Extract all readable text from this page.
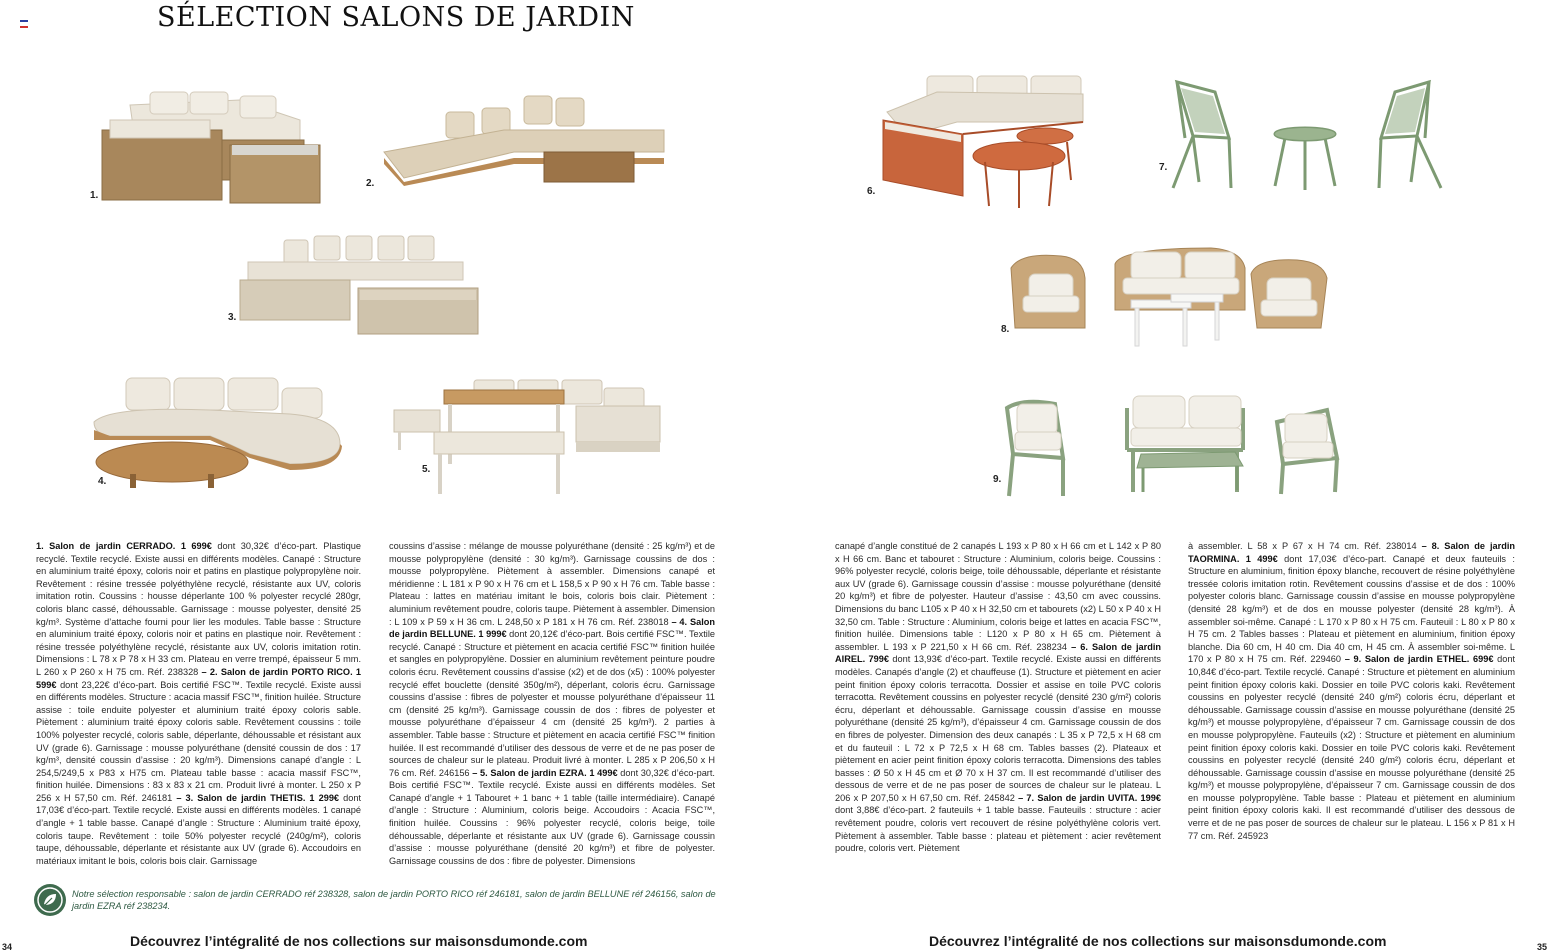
SÉLECTION SALONS DE JARDIN
1.
2.
3.
4.
5.

1. Salon de jardin CERRADO. 1 699€ dont 30,32€ d’éco-part. Plastique recyclé. Textile recyclé. Existe aussi en différents modèles. Canapé : Structure en aluminium traité époxy, coloris noir et patins en plastique polypropylène noir. Revêtement : résine tressée polyéthylène recyclé, résistante aux UV, coloris imitation rotin. Coussins : housse déperlante 100 % polyester recyclé 280gr, coloris blanc cassé, déhoussable. Garnissage : mousse polyester, densité 25 kg/m³. Système d’attache fourni pour lier les modules. Table basse : Structure en aluminium traité époxy, coloris noir et patins en plastique noir. Revêtement : résine tressée polyéthylène recyclé, résistante aux UV, coloris imitation rotin. Dimensions : L 78 x P 78 x H 33 cm. Plateau en verre trempé, épaisseur 5 mm. L 260 x P 260 x H 75 cm. Réf. 238328 – 2. Salon de jardin PORTO RICO. 1 599€ dont 23,22€ d’éco-part. Bois certifié FSC™. Textile recyclé. Existe aussi en différents modèles. Structure : acacia massif FSC™, finition huilée. Structure assise : toile enduite polyester et aluminium traité époxy coloris sable. Piètement : aluminium traité époxy coloris sable. Revêtement coussins : toile 100% polyester recyclé, coloris sable, déperlante, déhoussable et résistant aux UV (grade 6). Garnissage : mousse polyuréthane (densité coussin de dos : 17 kg/m³, densité coussin d’assise : 20 kg/m³). Dimensions canapé d’angle : L 254,5/249,5 x P83 x H75 cm. Plateau table basse : acacia massif FSC™, finition huilée. Dimensions : 83 x 83 x 21 cm. Produit livré à monter. L 250 x P 256 x H 57,50 cm. Réf. 246181 – 3. Salon de jardin THETIS. 1 299€ dont 17,03€ d’éco-part. Textile recyclé. Existe aussi en différents modèles. 1 canapé d’angle + 1 table basse. Canapé d’angle : Structure : Aluminium traité époxy, coloris taupe. Revêtement : toile 50% polyester recyclé (240g/m²), coloris taupe, déhoussable, déperlante et résistante aux UV (grade 6). Accoudoirs en matériaux imitant le bois, coloris bois clair. Garnissage

coussins d’assise : mélange de mousse polyuréthane (densité : 25 kg/m³) et de mousse polypropylène (densité : 30 kg/m³). Garnissage coussins de dos : mousse polypropylène. Piètement à assembler. Dimensions canapé et méridienne : L 181 x P 90 x H 76 cm et L 158,5 x P 90 x H 76 cm. Table basse : Plateau : lattes en matériau imitant le bois, coloris bois clair. Piètement : aluminium revêtement poudre, coloris taupe. Piètement à assembler. Dimension : L 109 x P 59 x H 36 cm. L 248,50 x P 181 x H 76 cm. Réf. 238018 – 4. Salon de jardin BELLUNE. 1 999€ dont 20,12€ d’éco-part. Bois certifié FSC™. Textile recyclé. Canapé : Structure et piètement en acacia certifié FSC™ finition huilée et sangles en polypropylène. Dossier en aluminium revêtement peinture poudre coloris écru. Revêtement coussins d’assise (x2) et de dos (x5) : 100% polyester recyclé effet bouclette (densité 350g/m²), déperlant, coloris écru. Garnissage coussins d’assise : fibres de polyester et mousse polyuréthane d’épaisseur 11 cm (densité 25 kg/m³). Garnissage coussin de dos : fibres de polyester et mousse polyuréthane d’épaisseur 4 cm (densité 25 kg/m³). 2 parties à assembler. Table basse : Structure et piètement en acacia certifié FSC™ finition huilée. Il est recommandé d’utiliser des dessous de verre et de ne pas poser de sources de chaleur sur le plateau. Produit livré à monter. L 285 x P 206,50 x H 76 cm. Réf. 246156 – 5. Salon de jardin EZRA. 1 499€ dont 30,32€ d’éco-part. Bois certifié FSC™. Textile recyclé. Existe aussi en différents modèles. Set Canapé d’angle + 1 Tabouret + 1 banc + 1 table (taille intermédiaire). Canapé d’angle : Structure : Aluminium, coloris beige. Accoudoirs : Acacia FSC™, finition huilée. Coussins : 96% polyester recyclé, coloris beige, toile déhoussable, déperlante et résistante aux UV (grade 6). Garnissage coussin d’assise : mousse polyuréthane (densité 20 kg/m³) et fibre de polyester. Garnissage coussins de dos : fibre de polyester. Dimensions

Notre sélection responsable : salon de jardin CERRADO réf 238328, salon de jardin PORTO RICO réf 246181, salon de jardin BELLUNE réf 246156, salon de jardin EZRA réf 238234.
34	Découvrez l’intégralité de nos collections sur maisonsdumonde.com
6.
7.
8.
9.

canapé d’angle constitué de 2 canapés L 193 x P 80 x H 66 cm et L 142 x P 80 x H 66 cm. Banc et tabouret : Structure : Aluminium, coloris beige. Coussins : 96% polyester recyclé, coloris beige, toile déhoussable, déperlante et résistante aux UV (grade 6). Garnissage coussin d’assise : mousse polyuréthane (densité 20 kg/m³) et fibre de polyester. Hauteur d’assise : 43,50 cm avec coussins. Dimensions du banc L105 x P 40 x H 32,50 cm et tabourets (x2) L 50 x P 40 x H 32,50 cm. Table : Structure : Aluminium, coloris beige et lattes en acacia FSC™, finition huilée. Dimensions table : L120 x P 80 x H 65 cm. Piètement à assembler. L 193 x P 221,50 x H 66 cm. Réf. 238234 – 6. Salon de jardin AIREL. 799€ dont 13,93€ d’éco-part. Textile recyclé. Existe aussi en différents modèles. Canapés d’angle (2) et chauffeuse (1). Structure et piètement en acier peint finition époxy coloris terracotta. Dossier et assise en toile PVC coloris terracotta. Revêtement coussins en polyester recyclé (densité 230 g/m²) coloris écru, déperlant et déhoussable. Garnissage coussin d’assise en mousse polyuréthane (densité 25 kg/m³), d’épaisseur 4 cm. Garnissage coussin de dos en fibres de polyester. Dimension des deux canapés : L 35 x P 72,5 x H 68 cm et du fauteuil : L 72 x P 72,5 x H 68 cm. Tables basses (2). Plateaux et piètement en acier peint finition époxy coloris terracotta. Dimensions des tables basses : Ø 50 x H 45 cm et Ø 70 x H 37 cm. Il est recommandé d’utiliser des dessous de verre et de ne pas poser de sources de chaleur sur le plateau. L 206 x P 207,50 x H 67,50 cm. Réf. 245842 – 7. Salon de jardin UVITA. 199€ dont 3,88€ d’éco-part. 2 fauteuils + 1 table basse. Fauteuils : structure : acier revêtement poudre, coloris vert recouvert de résine polyéthylène coloris vert. Piètement à assembler. Table basse : plateau et piètement : acier revêtement poudre, coloris vert. Piètement

à assembler. L 58 x P 67 x H 74 cm. Réf. 238014 – 8. Salon de jardin TAORMINA. 1 499€ dont 17,03€ d’éco-part. Canapé et deux fauteuils : Structure en aluminium, finition époxy blanche, recouvert de résine polyéthylène tressée coloris imitation rotin. Revêtement coussins d’assise et de dos : 100% polyester coloris blanc. Garnissage coussin d’assise en mousse polypropylène (densité 28 kg/m³) et de dos en mousse polyester (densité 28 kg/m³). À assembler soi-même. Canapé : L 170 x P 80 x H 75 cm. Fauteuil : L 80 x P 80 x H 75 cm. 2 Tables basses : Plateau et piètement en aluminium, finition époxy blanche. Dia 60 cm, H 40 cm. Dia 40 cm, H 45 cm. À assembler soi-même. L 170 x P 80 x H 75 cm. Réf. 229460 – 9. Salon de jardin ETHEL. 699€ dont 10,84€ d’éco-part. Textile recyclé. Canapé : Structure et piètement en aluminium peint finition époxy coloris kaki. Dossier en toile PVC coloris kaki. Revêtement coussins en polyester recyclé (densité 240 g/m²) coloris écru, déperlant et déhoussable. Garnissage coussin d’assise en mousse polyuréthane (densité 25 kg/m³) et mousse polypropylène, d’épaisseur 7 cm. Garnissage coussin de dos en mousse polypropylène. Fauteuils (x2) : Structure et piètement en aluminium peint finition époxy coloris kaki. Dossier en toile PVC coloris kaki. Revêtement coussins en polyester recyclé (densité 240 g/m²) coloris écru, déperlant et déhoussable. Garnissage coussin d’assise en mousse polyuréthane (densité 25 kg/m³) et mousse polypropylène, d’épaisseur 7 cm. Garnissage coussin de dos en mousse polypropylène. Table basse : Plateau et piètement en aluminium peint finition époxy coloris kaki. Il est recommandé d’utiliser des dessous de verre et de ne pas poser de sources de chaleur sur le plateau. L 156 x P 81 x H 77 cm. Réf. 245923

Découvrez l’intégralité de nos collections sur maisonsdumonde.com	35
